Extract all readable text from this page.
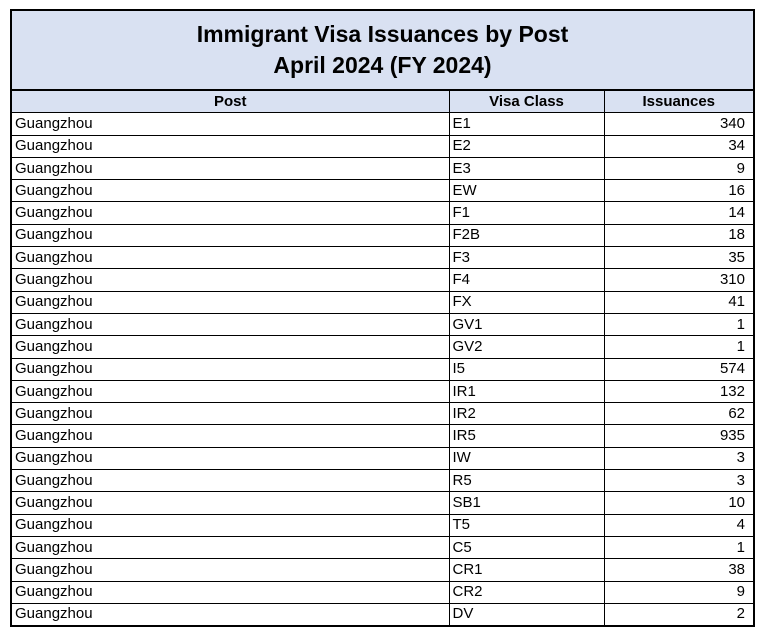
Immigrant Visa Issuances by Post
April 2024 (FY 2024)
Post	Visa Class	Issuances
Guangzhou	E1	340
Guangzhou	E2	34
Guangzhou	E3	9
Guangzhou	EW	16
Guangzhou	F1	14
Guangzhou	F2B	18
Guangzhou	F3	35
Guangzhou	F4	310
Guangzhou	FX	41
Guangzhou	GV1	1
Guangzhou	GV2	1
Guangzhou	I5	574
Guangzhou	IR1	132
Guangzhou	IR2	62
Guangzhou	IR5	935
Guangzhou	IW	3
Guangzhou	R5	3
Guangzhou	SB1	10
Guangzhou	T5	4
Guangzhou	C5	1
Guangzhou	CR1	38
Guangzhou	CR2	9
Guangzhou	DV	2
